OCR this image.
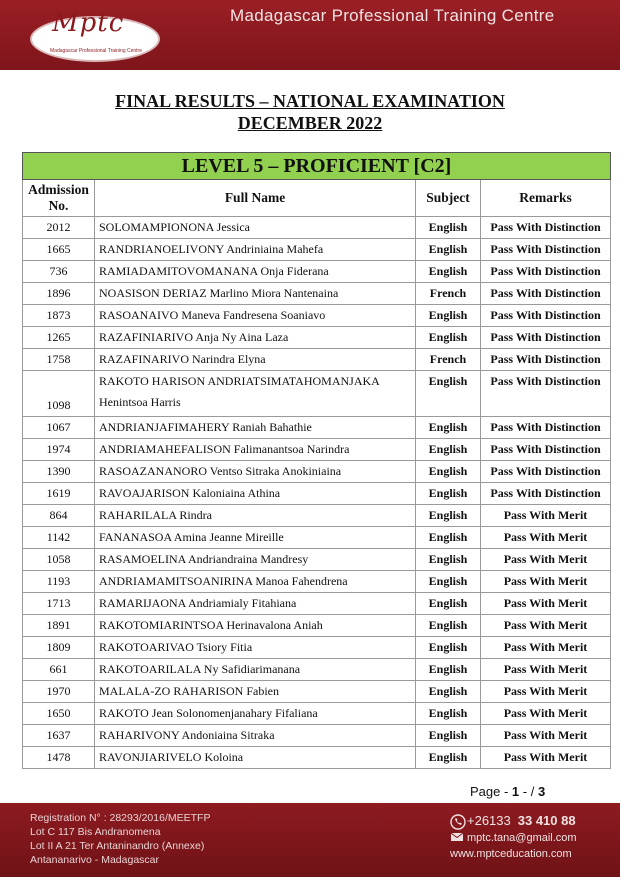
Mptc
Madagascar Professional Training Centre
Madagascar Professional Training Centre
FINAL RESULTS – NATIONAL EXAMINATION
DECEMBER 2022
LEVEL 5 – PROFICIENT [C2]			
Admission No.	Full Name	Subject	Remarks
2012	SOLOMAMPIONONA Jessica	English	Pass With Distinction
1665	RANDRIANOELIVONY Andriniaina Mahefa	English	Pass With Distinction
736	RAMIADAMITOVOMANANA Onja Fiderana	English	Pass With Distinction
1896	NOASISON DERIAZ Marlino Miora Nantenaina	French	Pass With Distinction
1873	RASOANAIVO Maneva Fandresena Soaniavo	English	Pass With Distinction
1265	RAZAFINIARIVO Anja Ny Aina Laza	English	Pass With Distinction
1758	RAZAFINARIVO Narindra Elyna	French	Pass With Distinction
1098	RAKOTO HARISON ANDRIATSIMATAHOMANJAKA
Henintsoa Harris	English	Pass With Distinction
1067	ANDRIANJAFIMAHERY Raniah Bahathie	English	Pass With Distinction
1974	ANDRIAMAHEFALISON Falimanantsoa Narindra	English	Pass With Distinction
1390	RASOAZANANORO Ventso Sitraka Anokiniaina	English	Pass With Distinction
1619	RAVOAJARISON Kaloniaina Athina	English	Pass With Distinction
864	RAHARILALA Rindra	English	Pass With Merit
1142	FANANASOA Amina Jeanne Mireille	English	Pass With Merit
1058	RASAMOELINA Andriandraina Mandresy	English	Pass With Merit
1193	ANDRIAMAMITSOANIRINA Manoa Fahendrena	English	Pass With Merit
1713	RAMARIJAONA Andriamialy Fitahiana	English	Pass With Merit
1891	RAKOTOMIARINTSOA Herinavalona Aniah	English	Pass With Merit
1809	RAKOTOARIVAO Tsiory Fitia	English	Pass With Merit
661	RAKOTOARILALA Ny Safidiarimanana	English	Pass With Merit
1970	MALALA-ZO RAHARISON Fabien	English	Pass With Merit
1650	RAKOTO Jean Solonomenjanahary Fifaliana	English	Pass With Merit
1637	RAHARIVONY Andoniaina Sitraka	English	Pass With Merit
1478	RAVONJIARIVELO Koloina	English	Pass With Merit
Page - 1 - / 3
Registration N° : 28293/2016/MEETFP
Lot C 117 Bis Andranomena
Lot II A 21 Ter Antaninandro (Annexe)
Antananarivo - Madagascar
+26133 33 410 88
mptc.tana@gmail.com
www.mptceducation.com
